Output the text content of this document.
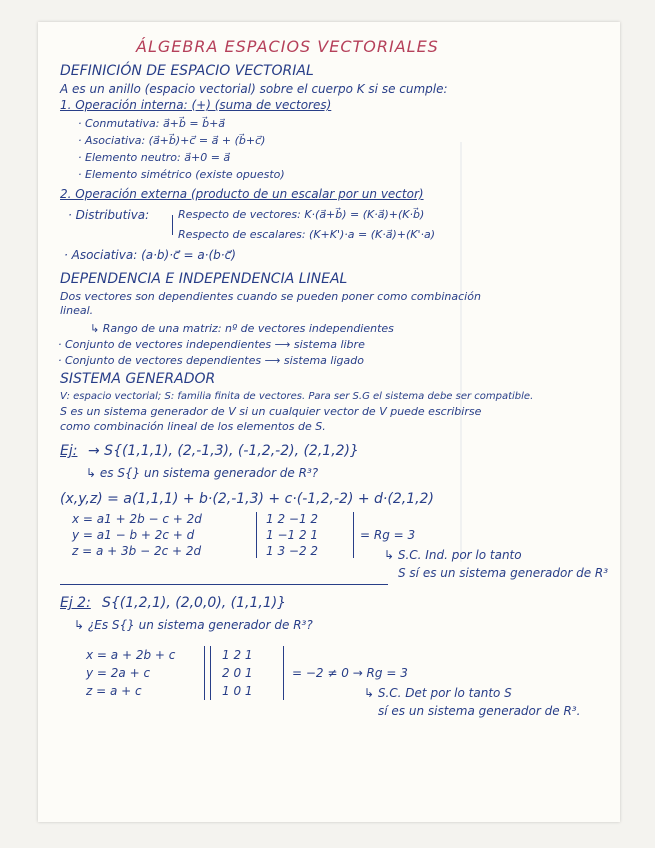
ÁLGEBRA ESPACIOS VECTORIALES
DEFINICIÓN DE ESPACIO VECTORIAL
A es un anillo (espacio vectorial) sobre el cuerpo K si se cumple:
1. Operación interna: (+) (suma de vectores)
· Conmutativa: a⃗+b⃗ = b⃗+a⃗
· Asociativa: (a⃗+b⃗)+c⃗ = a⃗ + (b⃗+c⃗)
· Elemento neutro: a⃗+0 = a⃗
· Elemento simétrico (existe opuesto)
2. Operación externa (producto de un escalar por un vector)
· Distributiva:	Respecto de vectores: K·(a⃗+b⃗) = (K·a⃗)+(K·b⃗)
Respecto de escalares: (K+K')·a = (K·a⃗)+(K'·a)
· Asociativa: (a·b)·c⃗ = a·(b·c⃗)
DEPENDENCIA E INDEPENDENCIA LINEAL
Dos vectores son dependientes cuando se pueden poner como combinación
lineal.
↳ Rango de una matriz: nº de vectores independientes
· Conjunto de vectores independientes ⟶ sistema libre
· Conjunto de vectores dependientes ⟶ sistema ligado
SISTEMA GENERADOR
V: espacio vectorial; S: familia finita de vectores. Para ser S.G el sistema debe ser compatible.
S es un sistema generador de V si un cualquier vector de V puede escribirse
como combinación lineal de los elementos de S.
Ej: → S{(1,1,1), (2,-1,3), (-1,2,-2), (2,1,2)}
↳ es S{} un sistema generador de R³?
(x,y,z) = a(1,1,1) + b·(2,-1,3) + c·(-1,2,-2) + d·(2,1,2)
x = a1 + 2b − c + 2d
y = a1 − b + 2c + d
z = a + 3b − 2c + 2d
1 2 −1 2
1 −1 2 1
1 3 −2 2
= Rg = 3
↳ S.C. Ind. por lo tanto
S sí es un sistema generador de R³
Ej 2: S{(1,2,1), (2,0,0), (1,1,1)}
↳ ¿Es S{} un sistema generador de R³?
x = a + 2b + c
y = 2a + c
z = a + c
1 2 1
2 0 1
1 0 1
= −2 ≠ 0 → Rg = 3
↳ S.C. Det por lo tanto S
sí es un sistema generador de R³.
